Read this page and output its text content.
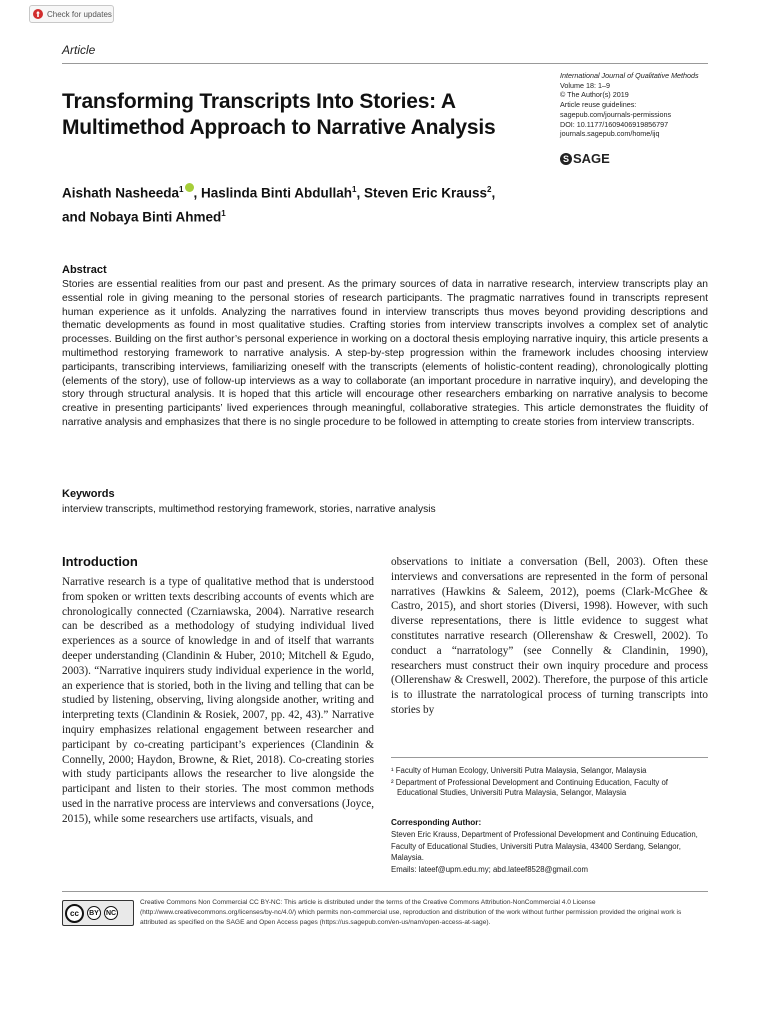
Check for updates
Article
Transforming Transcripts Into Stories: A Multimethod Approach to Narrative Analysis
International Journal of Qualitative Methods
Volume 18: 1–9
© The Author(s) 2019
Article reuse guidelines:
sagepub.com/journals-permissions
DOI: 10.1177/1609406919856797
journals.sagepub.com/home/ijq
S SAGE
Aishath Nasheeda$^1$ , Haslinda Binti Abdullah$^1$, Steven Eric Krauss$^2$,
and Nobaya Binti Ahmed$^1$
Abstract

Stories are essential realities from our past and present. As the primary sources of data in narrative research, interview transcripts play an essential role in giving meaning to the personal stories of research participants. The pragmatic narratives found in transcripts represent human experience as it unfolds. Analyzing the narratives found in interview transcripts thus moves beyond providing descriptions and thematic developments as found in most qualitative studies. Crafting stories from interview transcripts involves a complex set of analytic processes. Building on the first author’s personal experience in working on a doctoral thesis employing narrative inquiry, this article presents a multimethod restorying framework to narrative analysis. A step-by-step progression within the framework includes choosing interview participants, transcribing interviews, familiarizing oneself with the transcripts (elements of holistic-content reading), chronologically plotting (elements of the story), use of follow-up interviews as a way to collaborate (an important procedure in narrative inquiry), and developing the story through structural analysis. It is hoped that this article will encourage other researchers embarking on narrative analysis to become creative in presenting participants’ lived experiences through meaningful, collaborative strategies. This article demonstrates the fluidity of narrative analysis and emphasizes that there is no single procedure to be followed in attempting to create stories from interview transcripts.

Keywords
interview transcripts, multimethod restorying framework, stories, narrative analysis
Introduction

Narrative research is a type of qualitative method that is understood from spoken or written texts describing accounts of events which are chronologically connected (Czarniawska, 2004). Narrative research can be described as a methodology of studying individual lived experiences as a source of knowledge in and of itself that warrants deeper understanding (Clandinin & Huber, 2010; Mitchell & Egudo, 2003). “Narrative inquirers study individual experience in the world, an experience that is storied, both in the living and telling that can be studied by listening, observing, living alongside another, writing and interpreting texts (Clandinin & Rosiek, 2007, pp. 42, 43).” Narrative inquiry emphasizes relational engagement between researcher and participant by co-creating participant’s experiences (Clandinin & Connelly, 2000; Haydon, Browne, & Riet, 2018). Co-creating stories with study participants allows the researcher to live alongside the participant and listen to their stories. The most common methods used in the narrative process are interviews and conversations (Joyce, 2015), while some researchers use artifacts, visuals, and

observations to initiate a conversation (Bell, 2003). Often these interviews and conversations are represented in the form of personal narratives (Hawkins & Saleem, 2012), poems (Clark-McGhee & Castro, 2015), and short stories (Diversi, 1998). However, with such diverse representations, there is little evidence to suggest what constitutes narrative research (Ollerenshaw & Creswell, 2002). To conduct a “narratology” (see Connelly & Clandinin, 1990), researchers must construct their own inquiry procedure and process (Ollerenshaw & Creswell, 2002). Therefore, the purpose of this article is to illustrate the narratological process of turning transcripts into stories by

¹ Faculty of Human Ecology, Universiti Putra Malaysia, Selangor, Malaysia

² Department of Professional Development and Continuing Education, Faculty of Educational Studies, Universiti Putra Malaysia, Selangor, Malaysia

Corresponding Author:

Steven Eric Krauss, Department of Professional Development and Continuing Education, Faculty of Educational Studies, Universiti Putra Malaysia, 43400 Serdang, Selangor, Malaysia.
Emails: lateef@upm.edu.my; abd.lateef8528@gmail.com

cc	BY	NC

Creative Commons Non Commercial CC BY-NC: This article is distributed under the terms of the Creative Commons Attribution-NonCommercial 4.0 License (http://www.creativecommons.org/licenses/by-nc/4.0/) which permits non-commercial use, reproduction and distribution of the work without further permission provided the original work is attributed as specified on the SAGE and Open Access pages (https://us.sagepub.com/en-us/nam/open-access-at-sage).
